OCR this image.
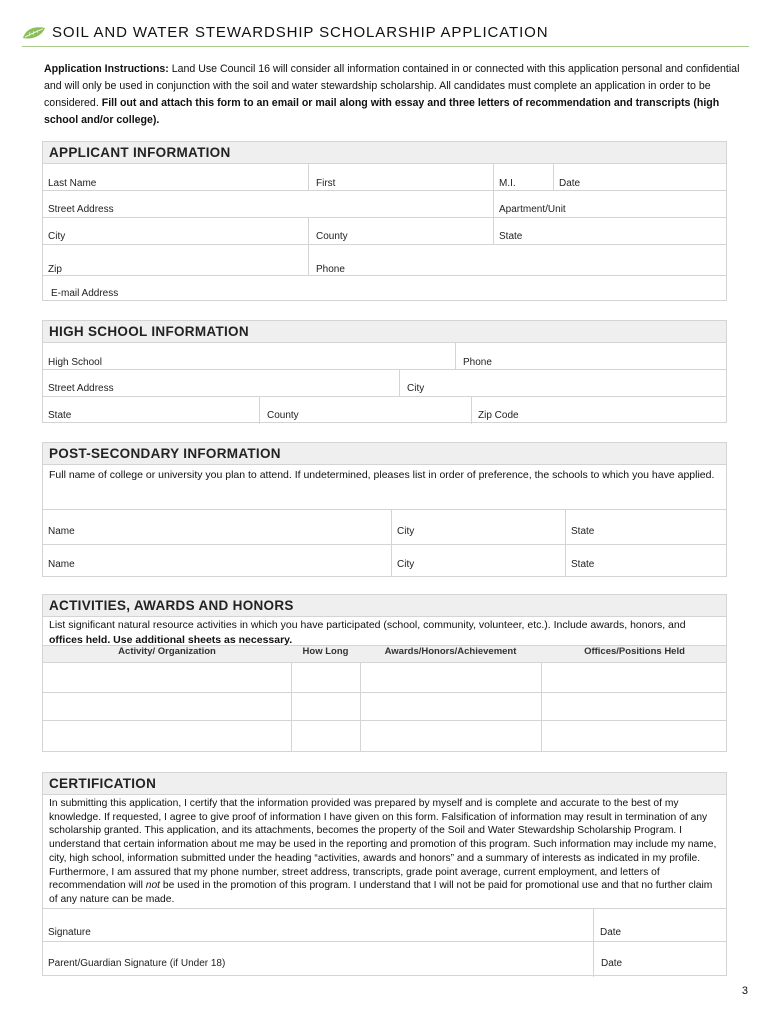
SOIL AND WATER STEWARDSHIP SCHOLARSHIP APPLICATION
Application Instructions: Land Use Council 16 will consider all information contained in or connected with this application personal and confidential and will only be used in conjunction with the soil and water stewardship scholarship. All candidates must complete an application in order to be considered. Fill out and attach this form to an email or mail along with essay and three letters of recommendation and transcripts (high school and/or college).
APPLICANT INFORMATION
Last Name	First	M.I.	Date
Street Address	Apartment/Unit
City	County	State
Zip	Phone
E-mail Address
HIGH SCHOOL INFORMATION
High School	Phone
Street Address	City
State	County	Zip Code
POST-SECONDARY INFORMATION
Full name of college or university you plan to attend. If undetermined, pleases list in order of preference, the schools to which you have applied.
Name	City	State
Name	City	State
ACTIVITIES, AWARDS AND HONORS
List significant natural resource activities in which you have participated (school, community, volunteer, etc.). Include awards, honors, and offices held. Use additional sheets as necessary.
Activity/ Organization	How Long	Awards/Honors/Achievement	Offices/Positions Held
CERTIFICATION
In submitting this application, I certify that the information provided was prepared by myself and is complete and accurate to the best of my knowledge. If requested, I agree to give proof of information I have given on this form. Falsification of information may result in termination of any scholarship granted. This application, and its attachments, becomes the property of the Soil and Water Stewardship Scholarship Program. I understand that certain information about me may be used in the reporting and promotion of this program. Such information may include my name, city, high school, information submitted under the heading “activities, awards and honors” and a summary of interests as indicated in my profile. Furthermore, I am assured that my phone number, street address, transcripts, grade point average, current employment, and letters of recommendation will not be used in the promotion of this program. I understand that I will not be paid for promotional use and that no further claim of any nature can be made.
Signature	Date
Parent/Guardian Signature (if Under 18)	Date
3
